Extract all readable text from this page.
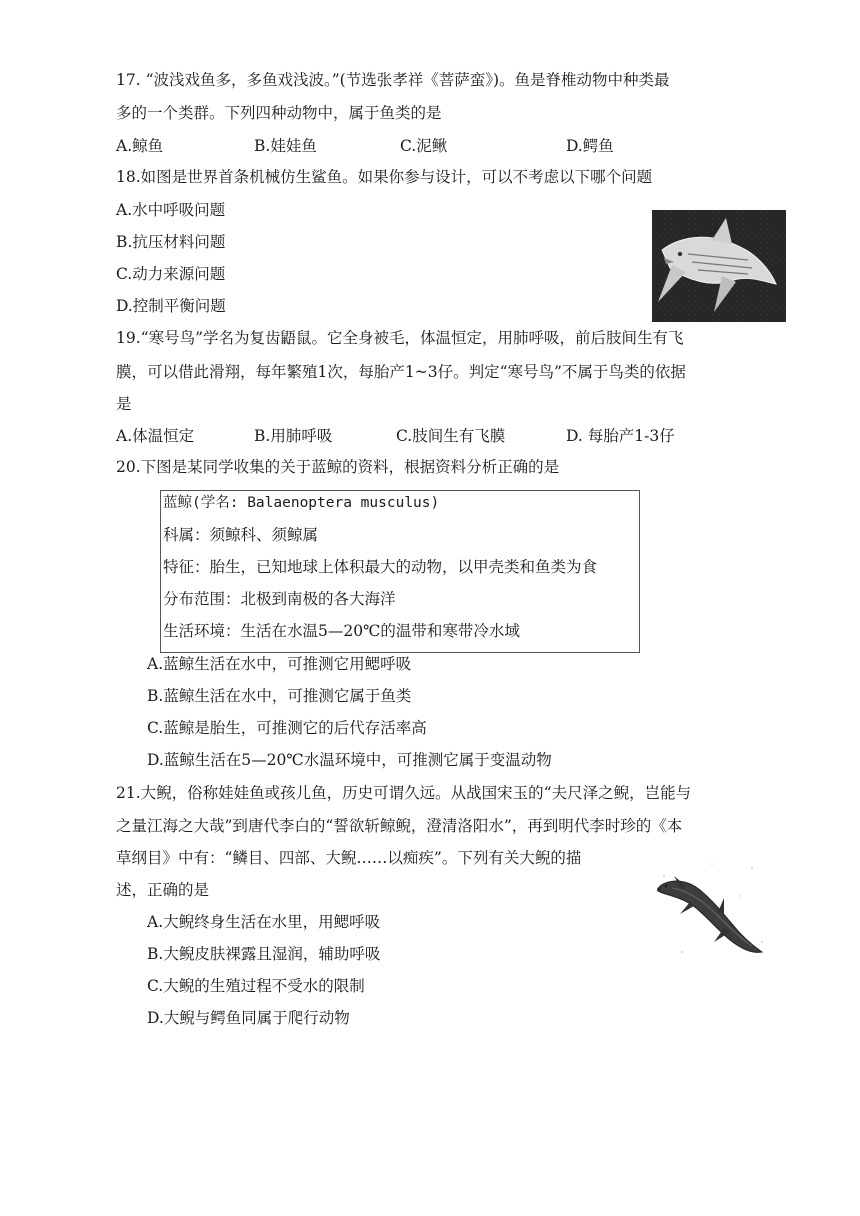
17. “波浅戏鱼多，多鱼戏浅波。”(节选张孝祥《菩萨蛮》)。鱼是脊椎动物中种类最
多的一个类群。下列四种动物中，属于鱼类的是
A.鲸鱼	B.娃娃鱼	C.泥鳅	D.鳄鱼
18.如图是世界首条机械仿生鲨鱼。如果你参与设计，可以不考虑以下哪个问题
A.水中呼吸问题
B.抗压材料问题
C.动力来源问题
D.控制平衡问题
19.“寒号鸟”学名为复齿鼯鼠。它全身被毛，体温恒定，用肺呼吸，前后肢间生有飞
膜，可以借此滑翔，每年繁殖1次，每胎产1~3仔。判定“寒号鸟”不属于鸟类的依据
是
A.体温恒定	B.用肺呼吸	C.肢间生有飞膜	D. 每胎产1-3仔
20.下图是某同学收集的关于蓝鲸的资料，根据资料分析正确的是
蓝鲸(学名: Balaenoptera musculus)
科属：须鲸科、须鲸属
特征：胎生，已知地球上体积最大的动物，以甲壳类和鱼类为食
分布范围：北极到南极的各大海洋
生活环境：生活在水温5—20℃的温带和寒带冷水域
A.蓝鲸生活在水中，可推测它用鳃呼吸
B.蓝鲸生活在水中，可推测它属于鱼类
C.蓝鲸是胎生，可推测它的后代存活率高
D.蓝鲸生活在5—20℃水温环境中，可推测它属于变温动物
21.大鲵，俗称娃娃鱼或孩儿鱼，历史可谓久远。从战国宋玉的“夫尺泽之鲵，岂能与
之量江海之大哉”到唐代李白的“誓欲斩鲸鲵，澄清洛阳水”，再到明代李时珍的《本
草纲目》中有：“鳞目、四部、大鲵……以痴疾”。下列有关大鲵的描
述，正确的是
A.大鲵终身生活在水里，用鳃呼吸
B.大鲵皮肤裸露且湿润，辅助呼吸
C.大鲵的生殖过程不受水的限制
D.大鲵与鳄鱼同属于爬行动物
